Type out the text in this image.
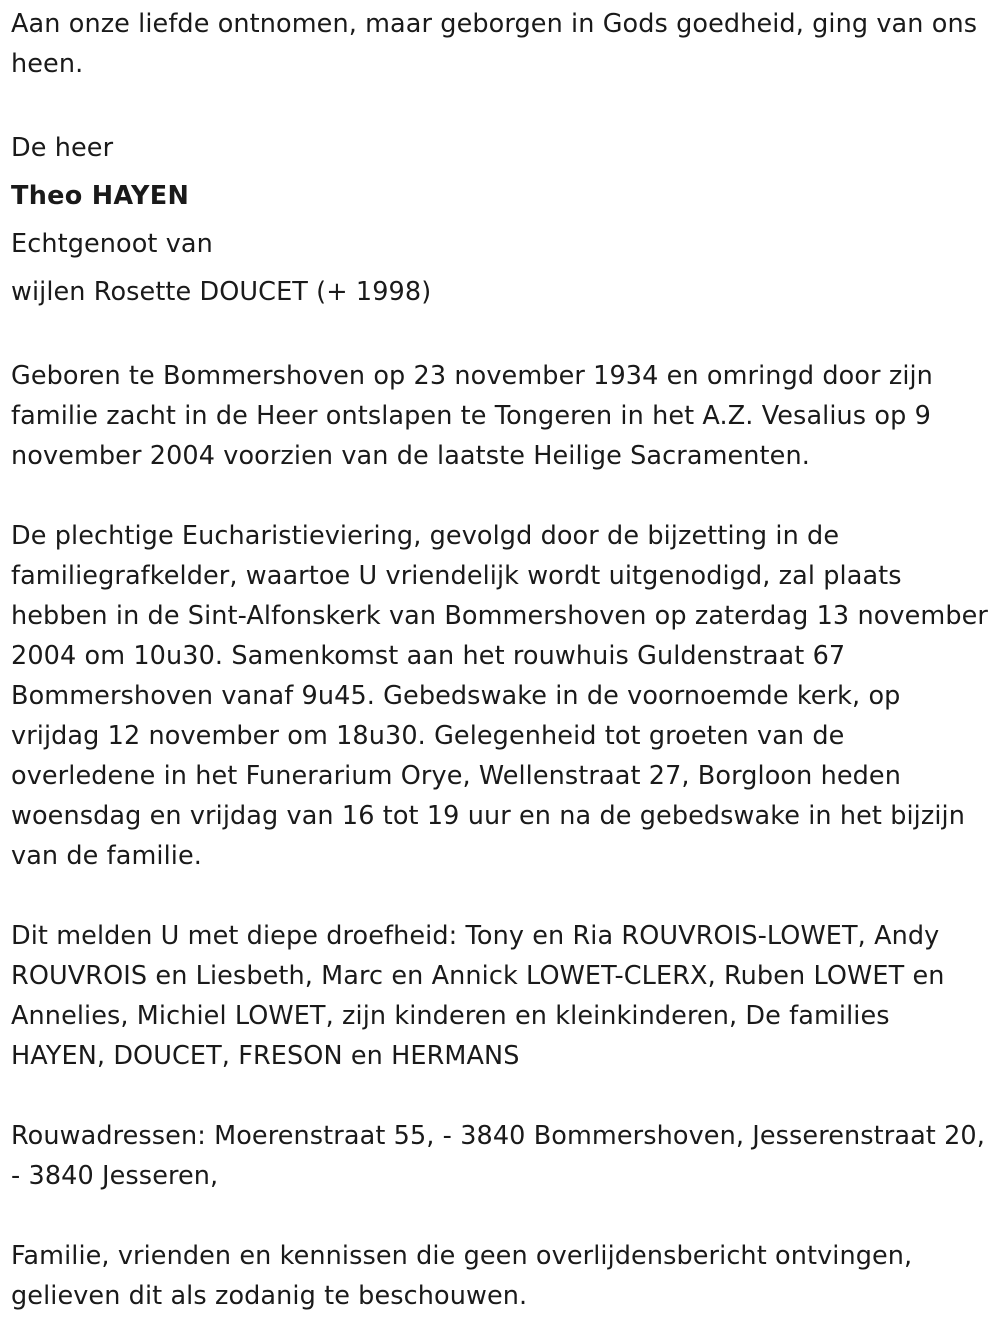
Aan onze liefde ontnomen, maar geborgen in Gods goedheid, ging van ons heen.

De heer

Theo HAYEN

Echtgenoot van

wijlen Rosette DOUCET (+ 1998)

Geboren te Bommershoven op 23 november 1934 en omringd door zijn familie zacht in de Heer ontslapen te Tongeren in het A.Z. Vesalius op 9 november 2004 voorzien van de laatste Heilige Sacramenten.

De plechtige Eucharistieviering, gevolgd door de bijzetting in de familiegrafkelder, waartoe U vriendelijk wordt uitgenodigd, zal plaats hebben in de Sint-Alfonskerk van Bommershoven op zaterdag 13 november 2004 om 10u30. Samenkomst aan het rouwhuis Guldenstraat 67 Bommershoven vanaf 9u45. Gebedswake in de voornoemde kerk, op vrijdag 12 november om 18u30. Gelegenheid tot groeten van de overledene in het Funerarium Orye, Wellenstraat 27, Borgloon heden woensdag en vrijdag van 16 tot 19 uur en na de gebedswake in het bijzijn van de familie.

Dit melden U met diepe droefheid: Tony en Ria ROUVROIS-LOWET, Andy ROUVROIS en Liesbeth, Marc en Annick LOWET-CLERX, Ruben LOWET en Annelies, Michiel LOWET, zijn kinderen en kleinkinderen, De families HAYEN, DOUCET, FRESON en HERMANS

Rouwadressen: Moerenstraat 55, - 3840 Bommershoven, Jesserenstraat 20, - 3840 Jesseren,

Familie, vrienden en kennissen die geen overlijdensbericht ontvingen, gelieven dit als zodanig te beschouwen.
